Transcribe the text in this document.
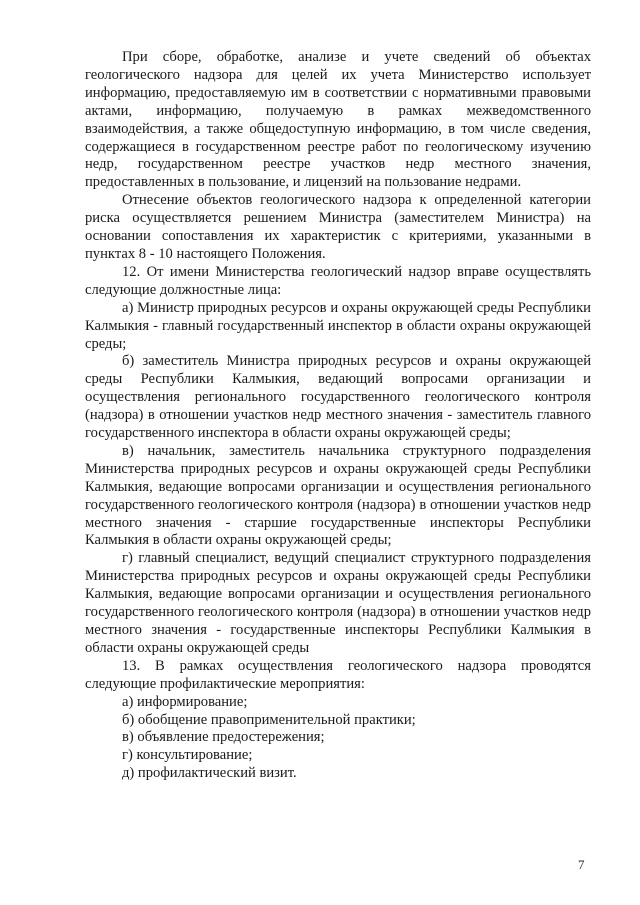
При сборе, обработке, анализе и учете сведений об объектах геологического надзора для целей их учета Министерство использует информацию, предоставляемую им в соответствии с нормативными правовыми актами, информацию, получаемую в рамках межведомственного взаимодействия, а также общедоступную информацию, в том числе сведения, содержащиеся в государственном реестре работ по геологическому изучению недр, государственном реестре участков недр местного значения, предоставленных в пользование, и лицензий на пользование недрами.

Отнесение объектов геологического надзора к определенной категории риска осуществляется решением Министра (заместителем Министра) на основании сопоставления их характеристик с критериями, указанными в пунктах 8 - 10 настоящего Положения.

12. От имени Министерства геологический надзор вправе осуществлять следующие должностные лица:

а) Министр природных ресурсов и охраны окружающей среды Республики Калмыкия - главный государственный инспектор в области охраны окружающей среды;

б) заместитель Министра природных ресурсов и охраны окружающей среды Республики Калмыкия, ведающий вопросами организации и осуществления регионального государственного геологического контроля (надзора) в отношении участков недр местного значения - заместитель главного государственного инспектора в области охраны окружающей среды;

в) начальник, заместитель начальника структурного подразделения Министерства природных ресурсов и охраны окружающей среды Республики Калмыкия, ведающие вопросами организации и осуществления регионального государственного геологического контроля (надзора) в отношении участков недр местного значения - старшие государственные инспекторы Республики Калмыкия в области охраны окружающей среды;

г) главный специалист, ведущий специалист структурного подразделения Министерства природных ресурсов и охраны окружающей среды Республики Калмыкия, ведающие вопросами организации и осуществления регионального государственного геологического контроля (надзора) в отношении участков недр местного значения - государственные инспекторы Республики Калмыкия в области охраны окружающей среды

13. В рамках осуществления геологического надзора проводятся следующие профилактические мероприятия:

а) информирование;

б) обобщение правоприменительной практики;

в) объявление предостережения;

г) консультирование;

д) профилактический визит.

7
